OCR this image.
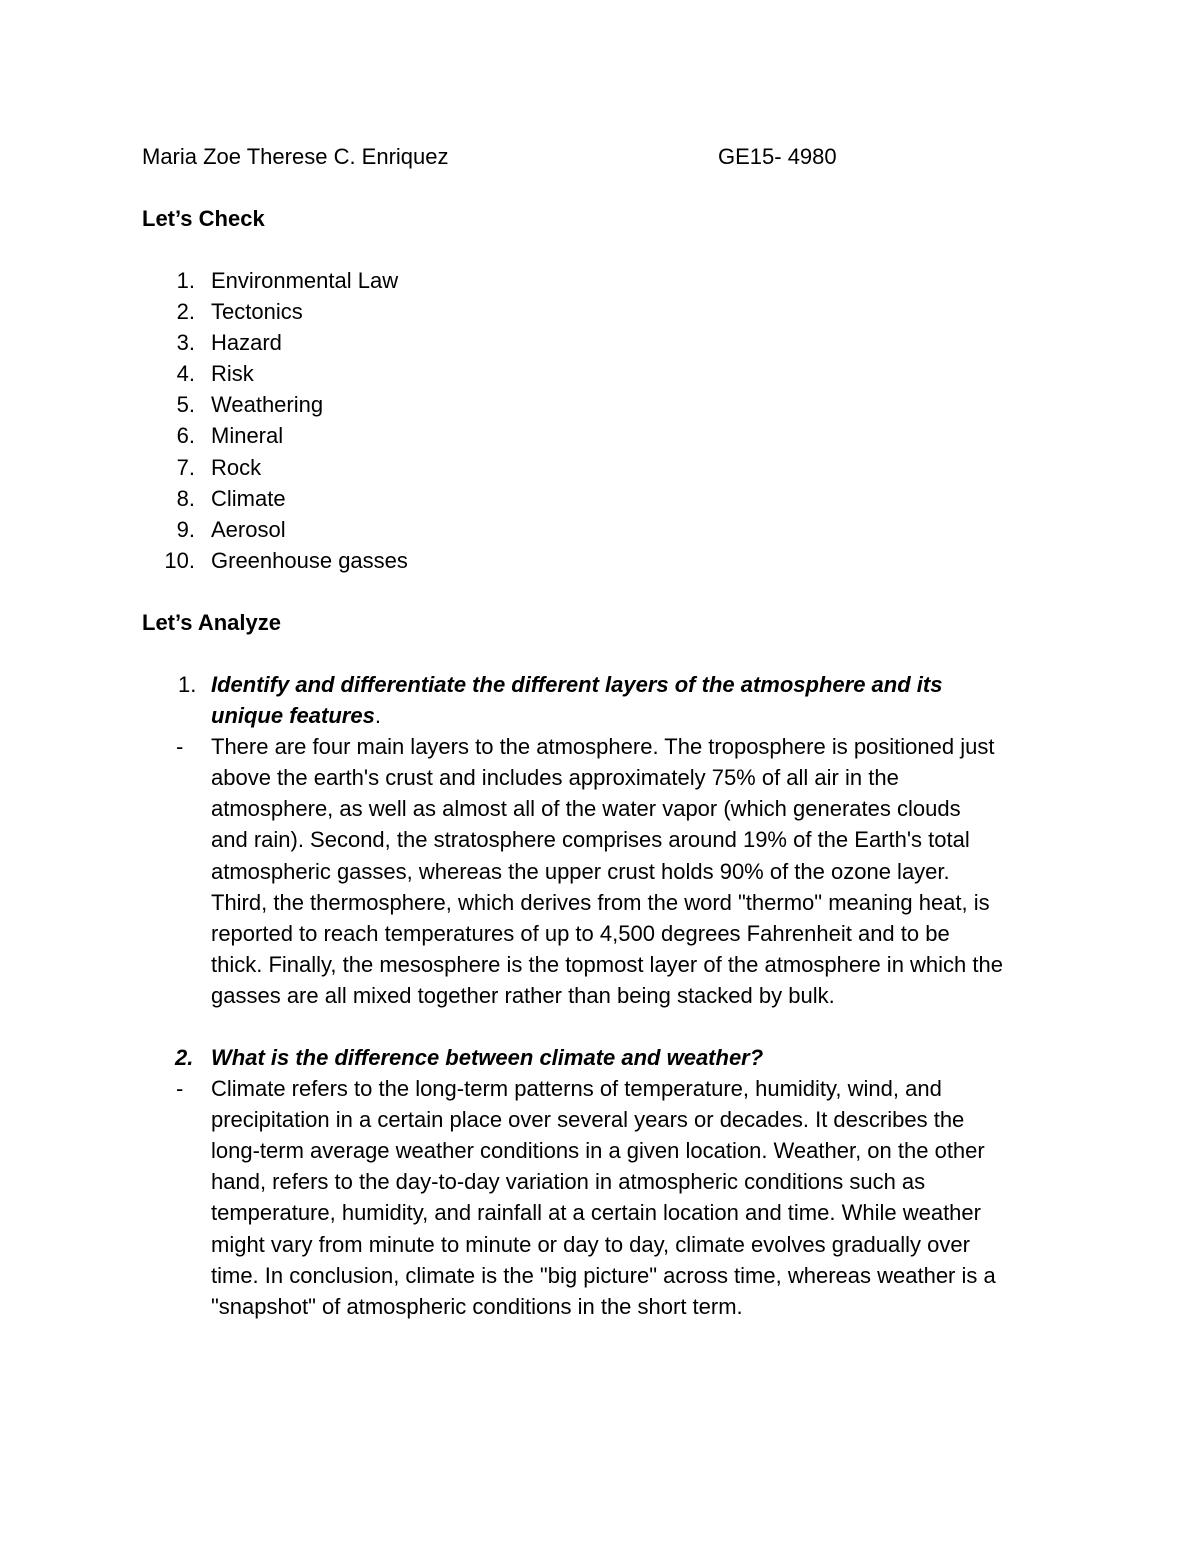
Maria Zoe Therese C. Enriquez	GE15- 4980
Let’s Check
1. Environmental Law
2. Tectonics
3. Hazard
4. Risk
5. Weathering
6. Mineral
7. Rock
8. Climate
9. Aerosol
10. Greenhouse gasses
Let’s Analyze
1. Identify and differentiate the different layers of the atmosphere and its
unique features.
-	There are four main layers to the atmosphere. The troposphere is positioned just
above the earth's crust and includes approximately 75% of all air in the
atmosphere, as well as almost all of the water vapor (which generates clouds
and rain). Second, the stratosphere comprises around 19% of the Earth's total
atmospheric gasses, whereas the upper crust holds 90% of the ozone layer.
Third, the thermosphere, which derives from the word "thermo" meaning heat, is
reported to reach temperatures of up to 4,500 degrees Fahrenheit and to be
thick. Finally, the mesosphere is the topmost layer of the atmosphere in which the
gasses are all mixed together rather than being stacked by bulk.
2. What is the difference between climate and weather?
-	Climate refers to the long-term patterns of temperature, humidity, wind, and
precipitation in a certain place over several years or decades. It describes the
long-term average weather conditions in a given location. Weather, on the other
hand, refers to the day-to-day variation in atmospheric conditions such as
temperature, humidity, and rainfall at a certain location and time. While weather
might vary from minute to minute or day to day, climate evolves gradually over
time. In conclusion, climate is the "big picture" across time, whereas weather is a
"snapshot" of atmospheric conditions in the short term.
